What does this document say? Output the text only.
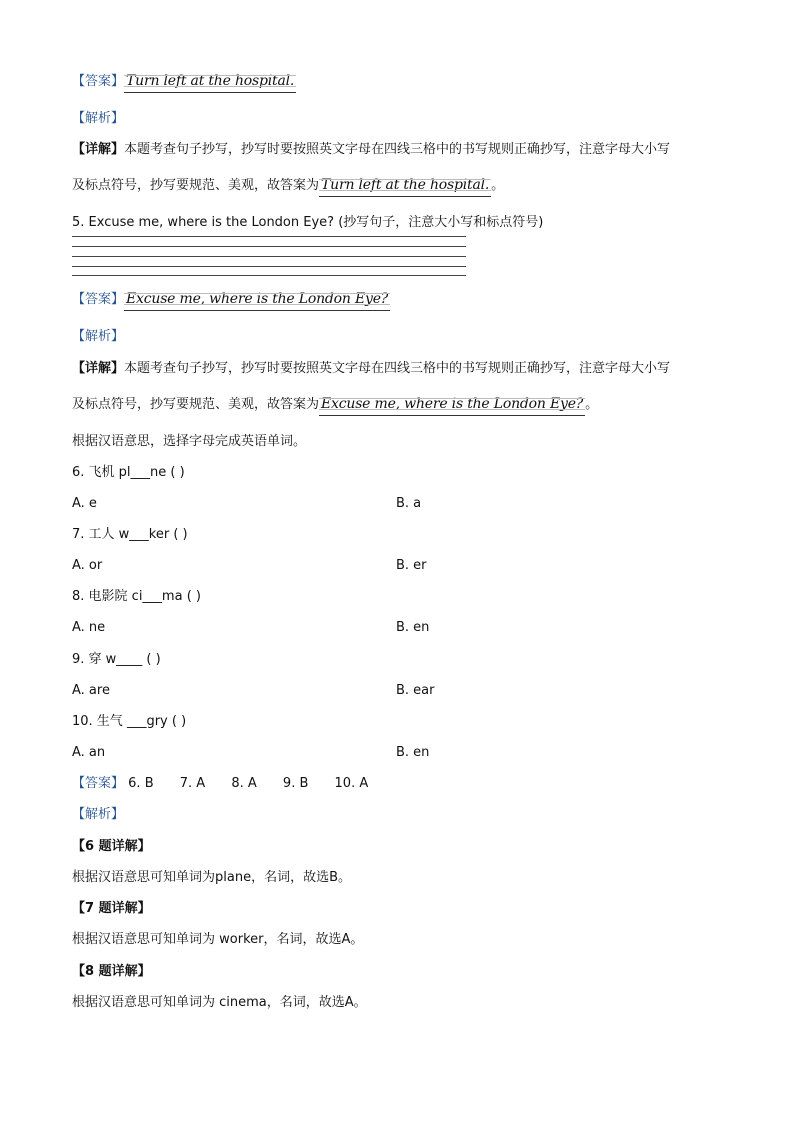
【答案】 Turn left at the hospital.
【解析】
【详解】本题考查句子抄写，抄写时要按照英文字母在四线三格中的书写规则正确抄写，注意字母大小写
及标点符号，抄写要规范、美观，故答案为 Turn left at the hospital. 。
5. Excuse me, where is the London Eye? (抄写句子，注意大小写和标点符号)
【答案】 Excuse me, where is the London Eye?
【解析】
【详解】本题考查句子抄写，抄写时要按照英文字母在四线三格中的书写规则正确抄写，注意字母大小写
及标点符号，抄写要规范、美观，故答案为 Excuse me, where is the London Eye? 。
根据汉语意思，选择字母完成英语单词。
6. 飞机 pl___ne ( )
A. e	B. a
7. 工人 w___ker ( )
A. or	B. er
8. 电影院 ci___ma ( )
A. ne	B. en
9. 穿 w____ ( )
A. are	B. ear
10. 生气 ___gry ( )
A. an	B. en
【答案】 6. B 7. A 8. A 9. B 10. A
【解析】
【6 题详解】
根据汉语意思可知单词为plane，名词，故选B。
【7 题详解】
根据汉语意思可知单词为 worker，名词，故选A。
【8 题详解】
根据汉语意思可知单词为 cinema，名词，故选A。
